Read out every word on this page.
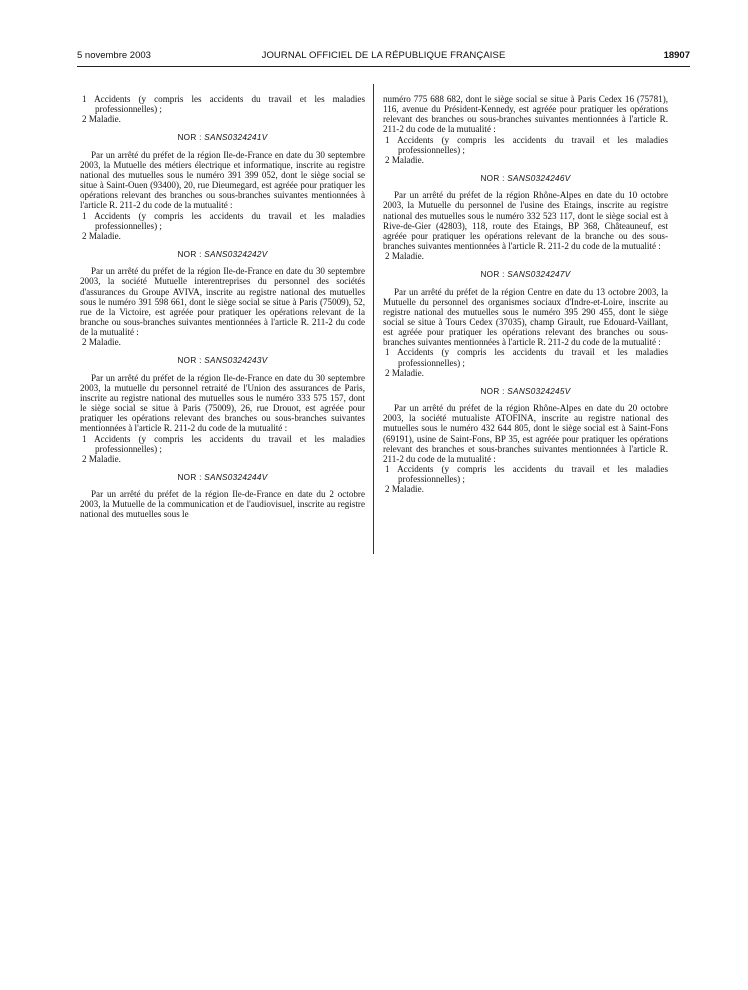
5 novembre 2003	JOURNAL OFFICIEL DE LA RÉPUBLIQUE FRANÇAISE	18907

1 Accidents (y compris les accidents du travail et les maladies professionnelles) ;

2 Maladie.

NOR : SANS0324241V

Par un arrêté du préfet de la région Ile-de-France en date du 30 septembre 2003, la Mutuelle des métiers électrique et informatique, inscrite au registre national des mutuelles sous le numéro 391 399 052, dont le siège social se situe à Saint-Ouen (93400), 20, rue Dieumegard, est agréée pour pratiquer les opérations relevant des branches ou sous-branches suivantes mentionnées à l'article R. 211-2 du code de la mutualité :

1 Accidents (y compris les accidents du travail et les maladies professionnelles) ;

2 Maladie.

NOR : SANS0324242V

Par un arrêté du préfet de la région Ile-de-France en date du 30 septembre 2003, la société Mutuelle interentreprises du personnel des sociétés d'assurances du Groupe AVIVA, inscrite au registre national des mutuelles sous le numéro 391 598 661, dont le siège social se situe à Paris (75009), 52, rue de la Victoire, est agréée pour pratiquer les opérations relevant de la branche ou sous-branches suivantes mentionnées à l'article R. 211-2 du code de la mutualité :

2 Maladie.

NOR : SANS0324243V

Par un arrêté du préfet de la région Ile-de-France en date du 30 septembre 2003, la mutuelle du personnel retraité de l'Union des assurances de Paris, inscrite au registre national des mutuelles sous le numéro 333 575 157, dont le siège social se situe à Paris (75009), 26, rue Drouot, est agréée pour pratiquer les opérations relevant des branches ou sous-branches suivantes mentionnées à l'article R. 211-2 du code de la mutualité :

1 Accidents (y compris les accidents du travail et les maladies professionnelles) ;

2 Maladie.

NOR : SANS0324244V

Par un arrêté du préfet de la région Ile-de-France en date du 2 octobre 2003, la Mutuelle de la communication et de l'audiovisuel, inscrite au registre national des mutuelles sous le

numéro 775 688 682, dont le siège social se situe à Paris Cedex 16 (75781), 116, avenue du Président-Kennedy, est agréée pour pratiquer les opérations relevant des branches ou sous-branches suivantes mentionnées à l'article R. 211-2 du code de la mutualité :

1 Accidents (y compris les accidents du travail et les maladies professionnelles) ;

2 Maladie.

NOR : SANS0324246V

Par un arrêté du préfet de la région Rhône-Alpes en date du 10 octobre 2003, la Mutuelle du personnel de l'usine des Etaings, inscrite au registre national des mutuelles sous le numéro 332 523 117, dont le siège social est à Rive-de-Gier (42803), 118, route des Etaings, BP 368, Châteauneuf, est agréée pour pratiquer les opérations relevant de la branche ou des sous-branches suivantes mentionnées à l'article R. 211-2 du code de la mutualité :

2 Maladie.

NOR : SANS0324247V

Par un arrêté du préfet de la région Centre en date du 13 octobre 2003, la Mutuelle du personnel des organismes sociaux d'Indre-et-Loire, inscrite au registre national des mutuelles sous le numéro 395 290 455, dont le siège social se situe à Tours Cedex (37035), champ Girault, rue Edouard-Vaillant, est agréée pour pratiquer les opérations relevant des branches ou sous-branches suivantes mentionnées à l'article R. 211-2 du code de la mutualité :

1 Accidents (y compris les accidents du travail et les maladies professionnelles) ;

2 Maladie.

NOR : SANS0324245V

Par un arrêté du préfet de la région Rhône-Alpes en date du 20 octobre 2003, la société mutualiste ATOFINA, inscrite au registre national des mutuelles sous le numéro 432 644 805, dont le siège social est à Saint-Fons (69191), usine de Saint-Fons, BP 35, est agréée pour pratiquer les opérations relevant des branches et sous-branches suivantes mentionnées à l'article R. 211-2 du code de la mutualité :

1 Accidents (y compris les accidents du travail et les maladies professionnelles) ;

2 Maladie.
